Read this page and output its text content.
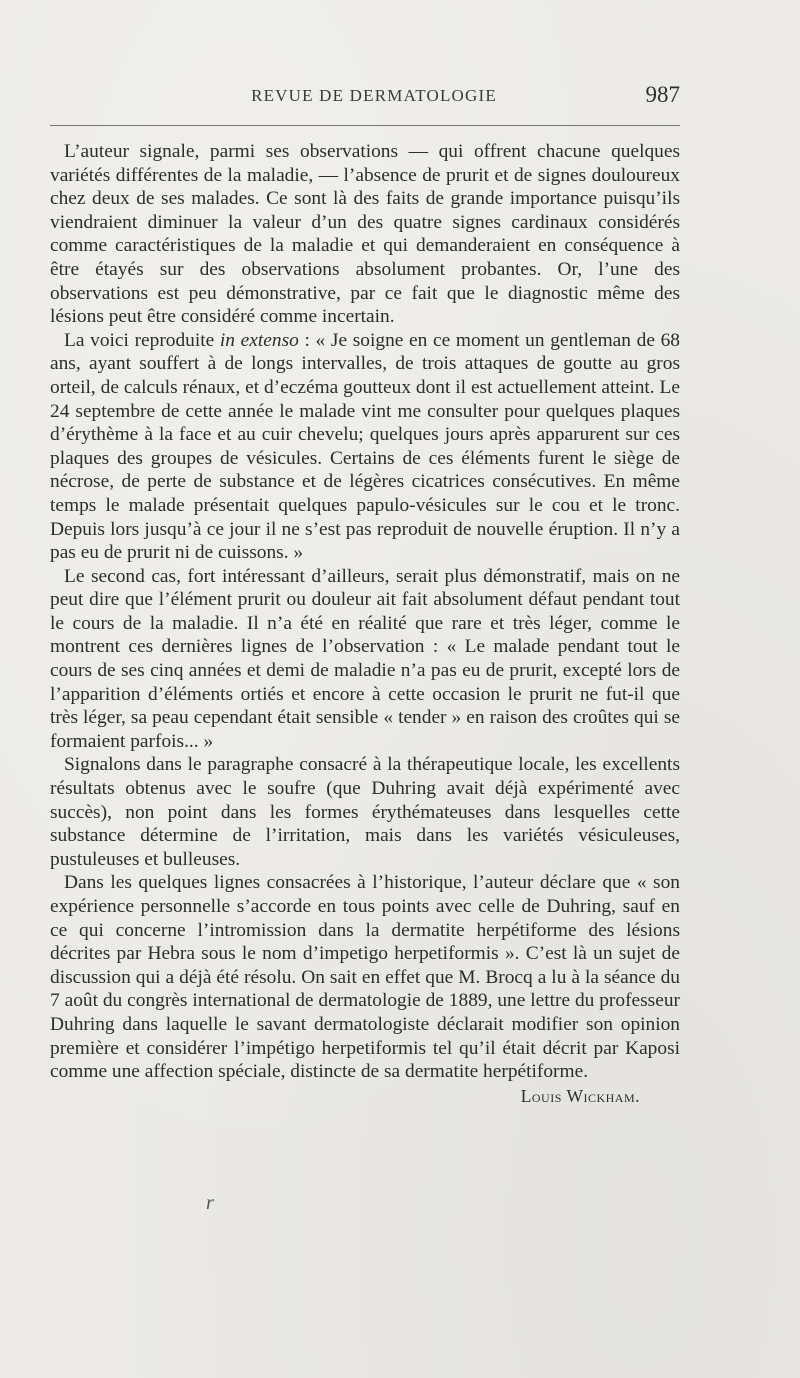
REVUE DE DERMATOLOGIE	987

L’auteur signale, parmi ses observations — qui offrent chacune quelques variétés différentes de la maladie, — l’absence de prurit et de signes douloureux chez deux de ses malades. Ce sont là des faits de grande importance puisqu’ils viendraient diminuer la valeur d’un des quatre signes cardinaux considérés comme caractéristiques de la maladie et qui demanderaient en conséquence à être étayés sur des observations absolument probantes. Or, l’une des observations est peu démonstrative, par ce fait que le diagnostic même des lésions peut être considéré comme incertain.

La voici reproduite in extenso : « Je soigne en ce moment un gentleman de 68 ans, ayant souffert à de longs intervalles, de trois attaques de goutte au gros orteil, de calculs rénaux, et d’eczéma goutteux dont il est actuellement atteint. Le 24 septembre de cette année le malade vint me consulter pour quelques plaques d’érythème à la face et au cuir chevelu; quelques jours après apparurent sur ces plaques des groupes de vésicules. Certains de ces éléments furent le siège de nécrose, de perte de substance et de légères cicatrices consécutives. En même temps le malade présentait quelques papulo-vésicules sur le cou et le tronc. Depuis lors jusqu’à ce jour il ne s’est pas reproduit de nouvelle éruption. Il n’y a pas eu de prurit ni de cuissons. »

Le second cas, fort intéressant d’ailleurs, serait plus démonstratif, mais on ne peut dire que l’élément prurit ou douleur ait fait absolument défaut pendant tout le cours de la maladie. Il n’a été en réalité que rare et très léger, comme le montrent ces dernières lignes de l’observation : « Le malade pendant tout le cours de ses cinq années et demi de maladie n’a pas eu de prurit, excepté lors de l’apparition d’éléments ortiés et encore à cette occasion le prurit ne fut-il que très léger, sa peau cependant était sensible « tender » en raison des croûtes qui se formaient parfois... »

Signalons dans le paragraphe consacré à la thérapeutique locale, les excellents résultats obtenus avec le soufre (que Duhring avait déjà expérimenté avec succès), non point dans les formes érythémateuses dans lesquelles cette substance détermine de l’irritation, mais dans les variétés vésiculeuses, pustuleuses et bulleuses.

Dans les quelques lignes consacrées à l’historique, l’auteur déclare que « son expérience personnelle s’accorde en tous points avec celle de Duhring, sauf en ce qui concerne l’intromission dans la dermatite herpétiforme des lésions décrites par Hebra sous le nom d’impetigo herpetiformis ». C’est là un sujet de discussion qui a déjà été résolu. On sait en effet que M. Brocq a lu à la séance du 7 août du congrès international de dermatologie de 1889, une lettre du professeur Duhring dans laquelle le savant dermatologiste déclarait modifier son opinion première et considérer l’impétigo herpetiformis tel qu’il était décrit par Kaposi comme une affection spéciale, distincte de sa dermatite herpétiforme.

Louis Wickham.

r
